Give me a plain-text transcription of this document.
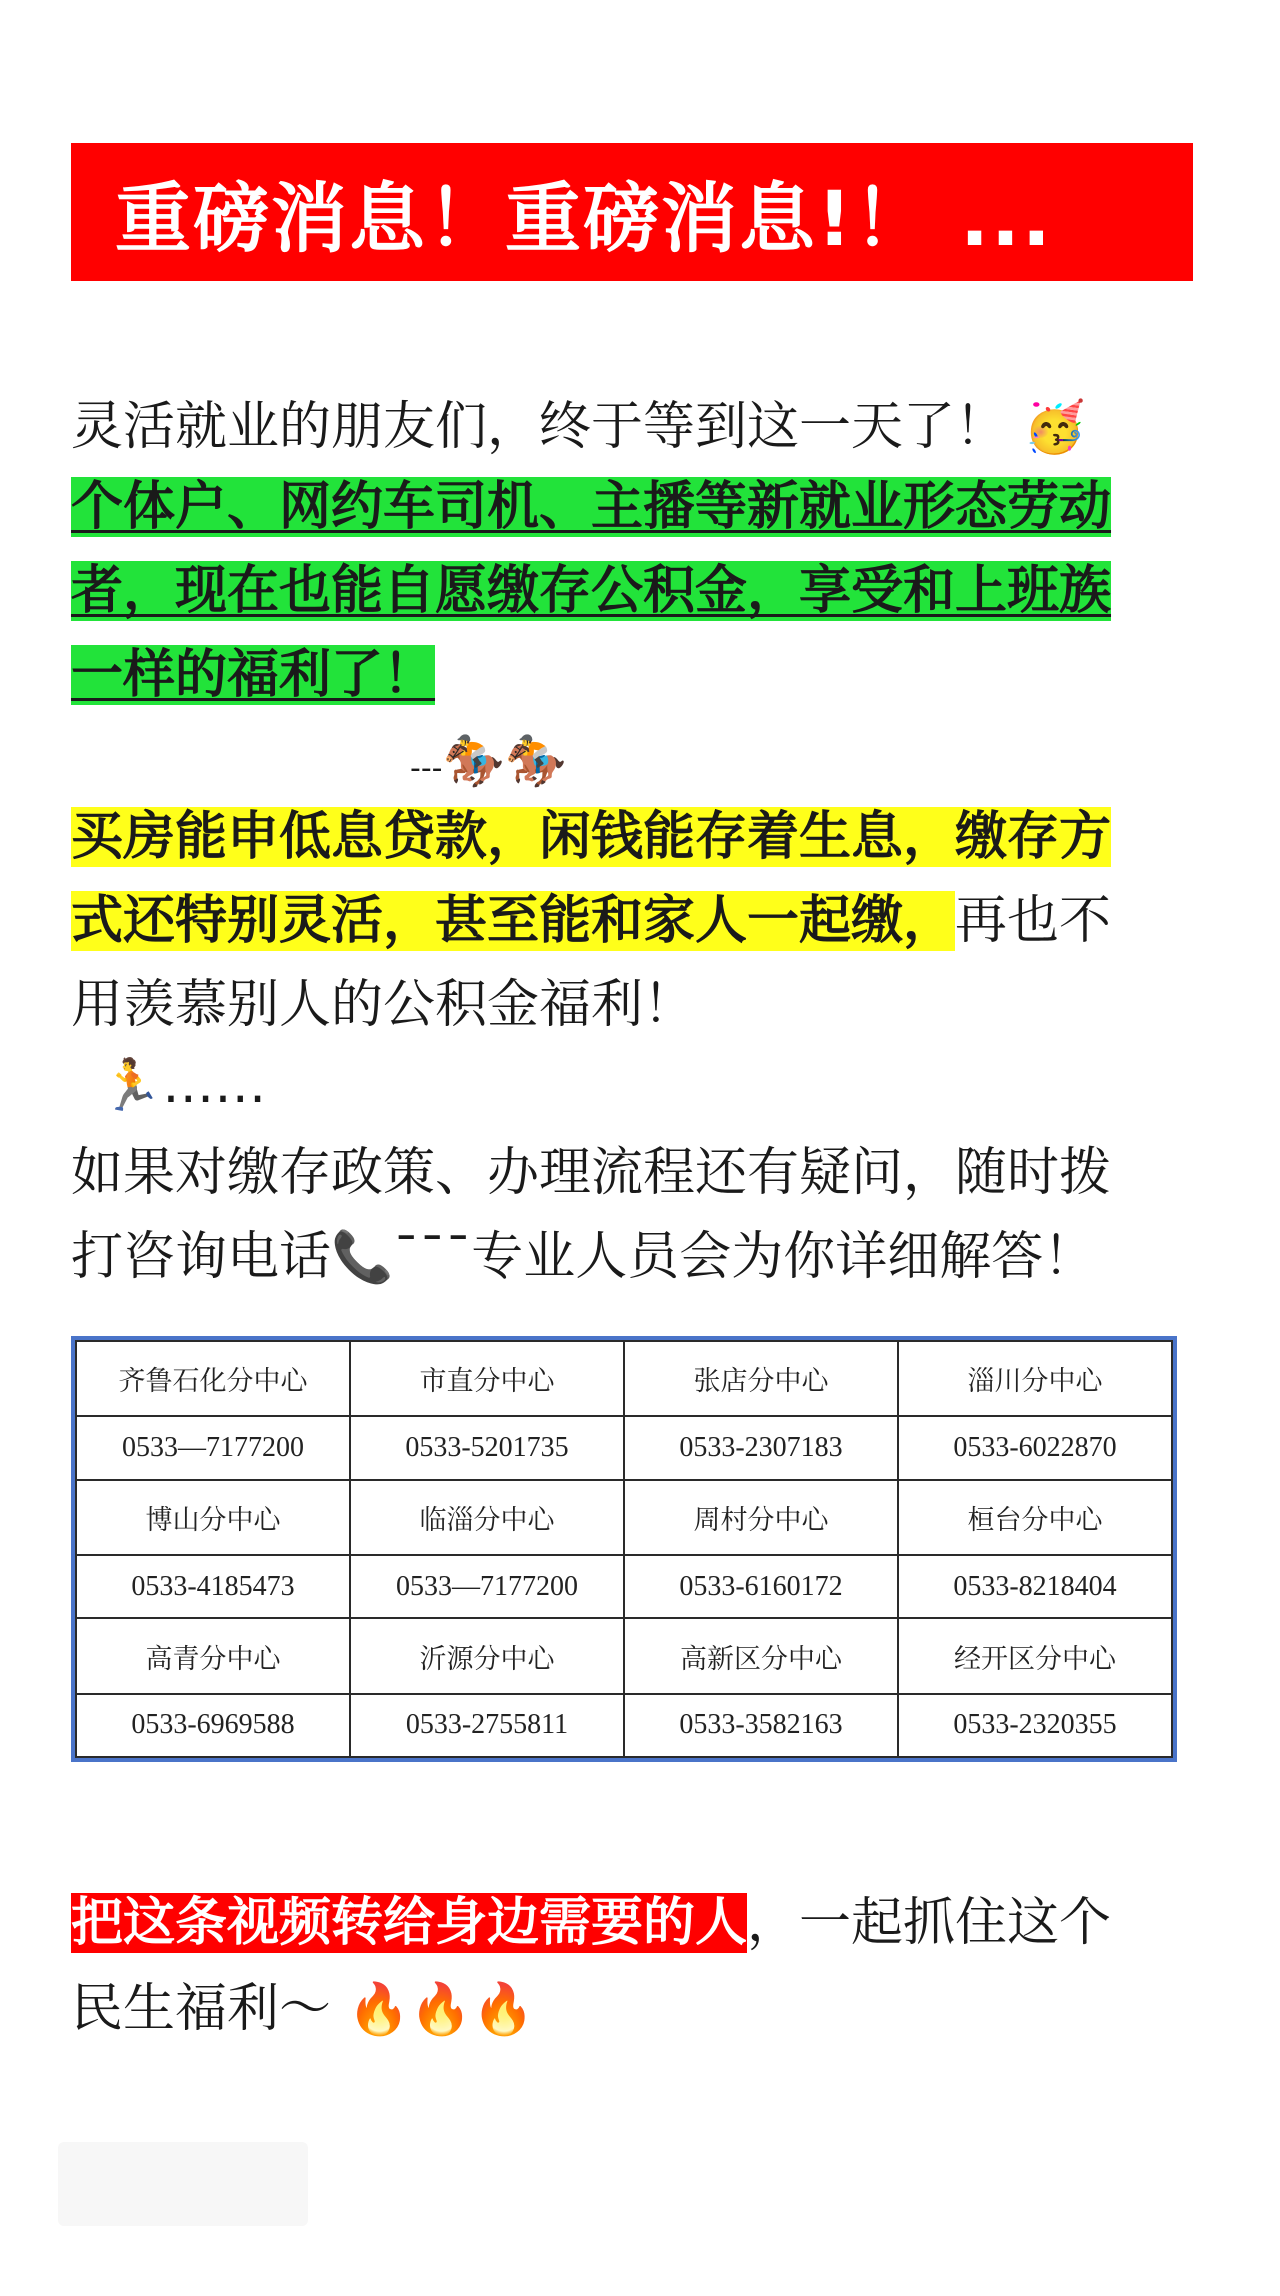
重磅消息！重磅消息!！ ...
灵活就业的朋友们，终于等到这一天了！ 🥳
个体户、网约车司机、主播等新就业形态劳动
者，现在也能自愿缴存公积金，享受和上班族
一样的福利了！
---🏇🏇
买房能申低息贷款，闲钱能存着生息，缴存方
式还特别灵活，甚至能和家人一起缴，再也不
用羡慕别人的公积金福利！
🏃……
如果对缴存政策、办理流程还有疑问，随时拨
打咨询电话📞¯¯¯专业人员会为你详细解答！
齐鲁石化分中心	市直分中心	张店分中心	淄川分中心
0533—7177200	0533-5201735	0533-2307183	0533-6022870
博山分中心	临淄分中心	周村分中心	桓台分中心
0533-4185473	0533—7177200	0533-6160172	0533-8218404
高青分中心	沂源分中心	高新区分中心	经开区分中心
0533-6969588	0533-2755811	0533-3582163	0533-2320355
把这条视频转给身边需要的人，一起抓住这个
民生福利～ 🔥🔥🔥
